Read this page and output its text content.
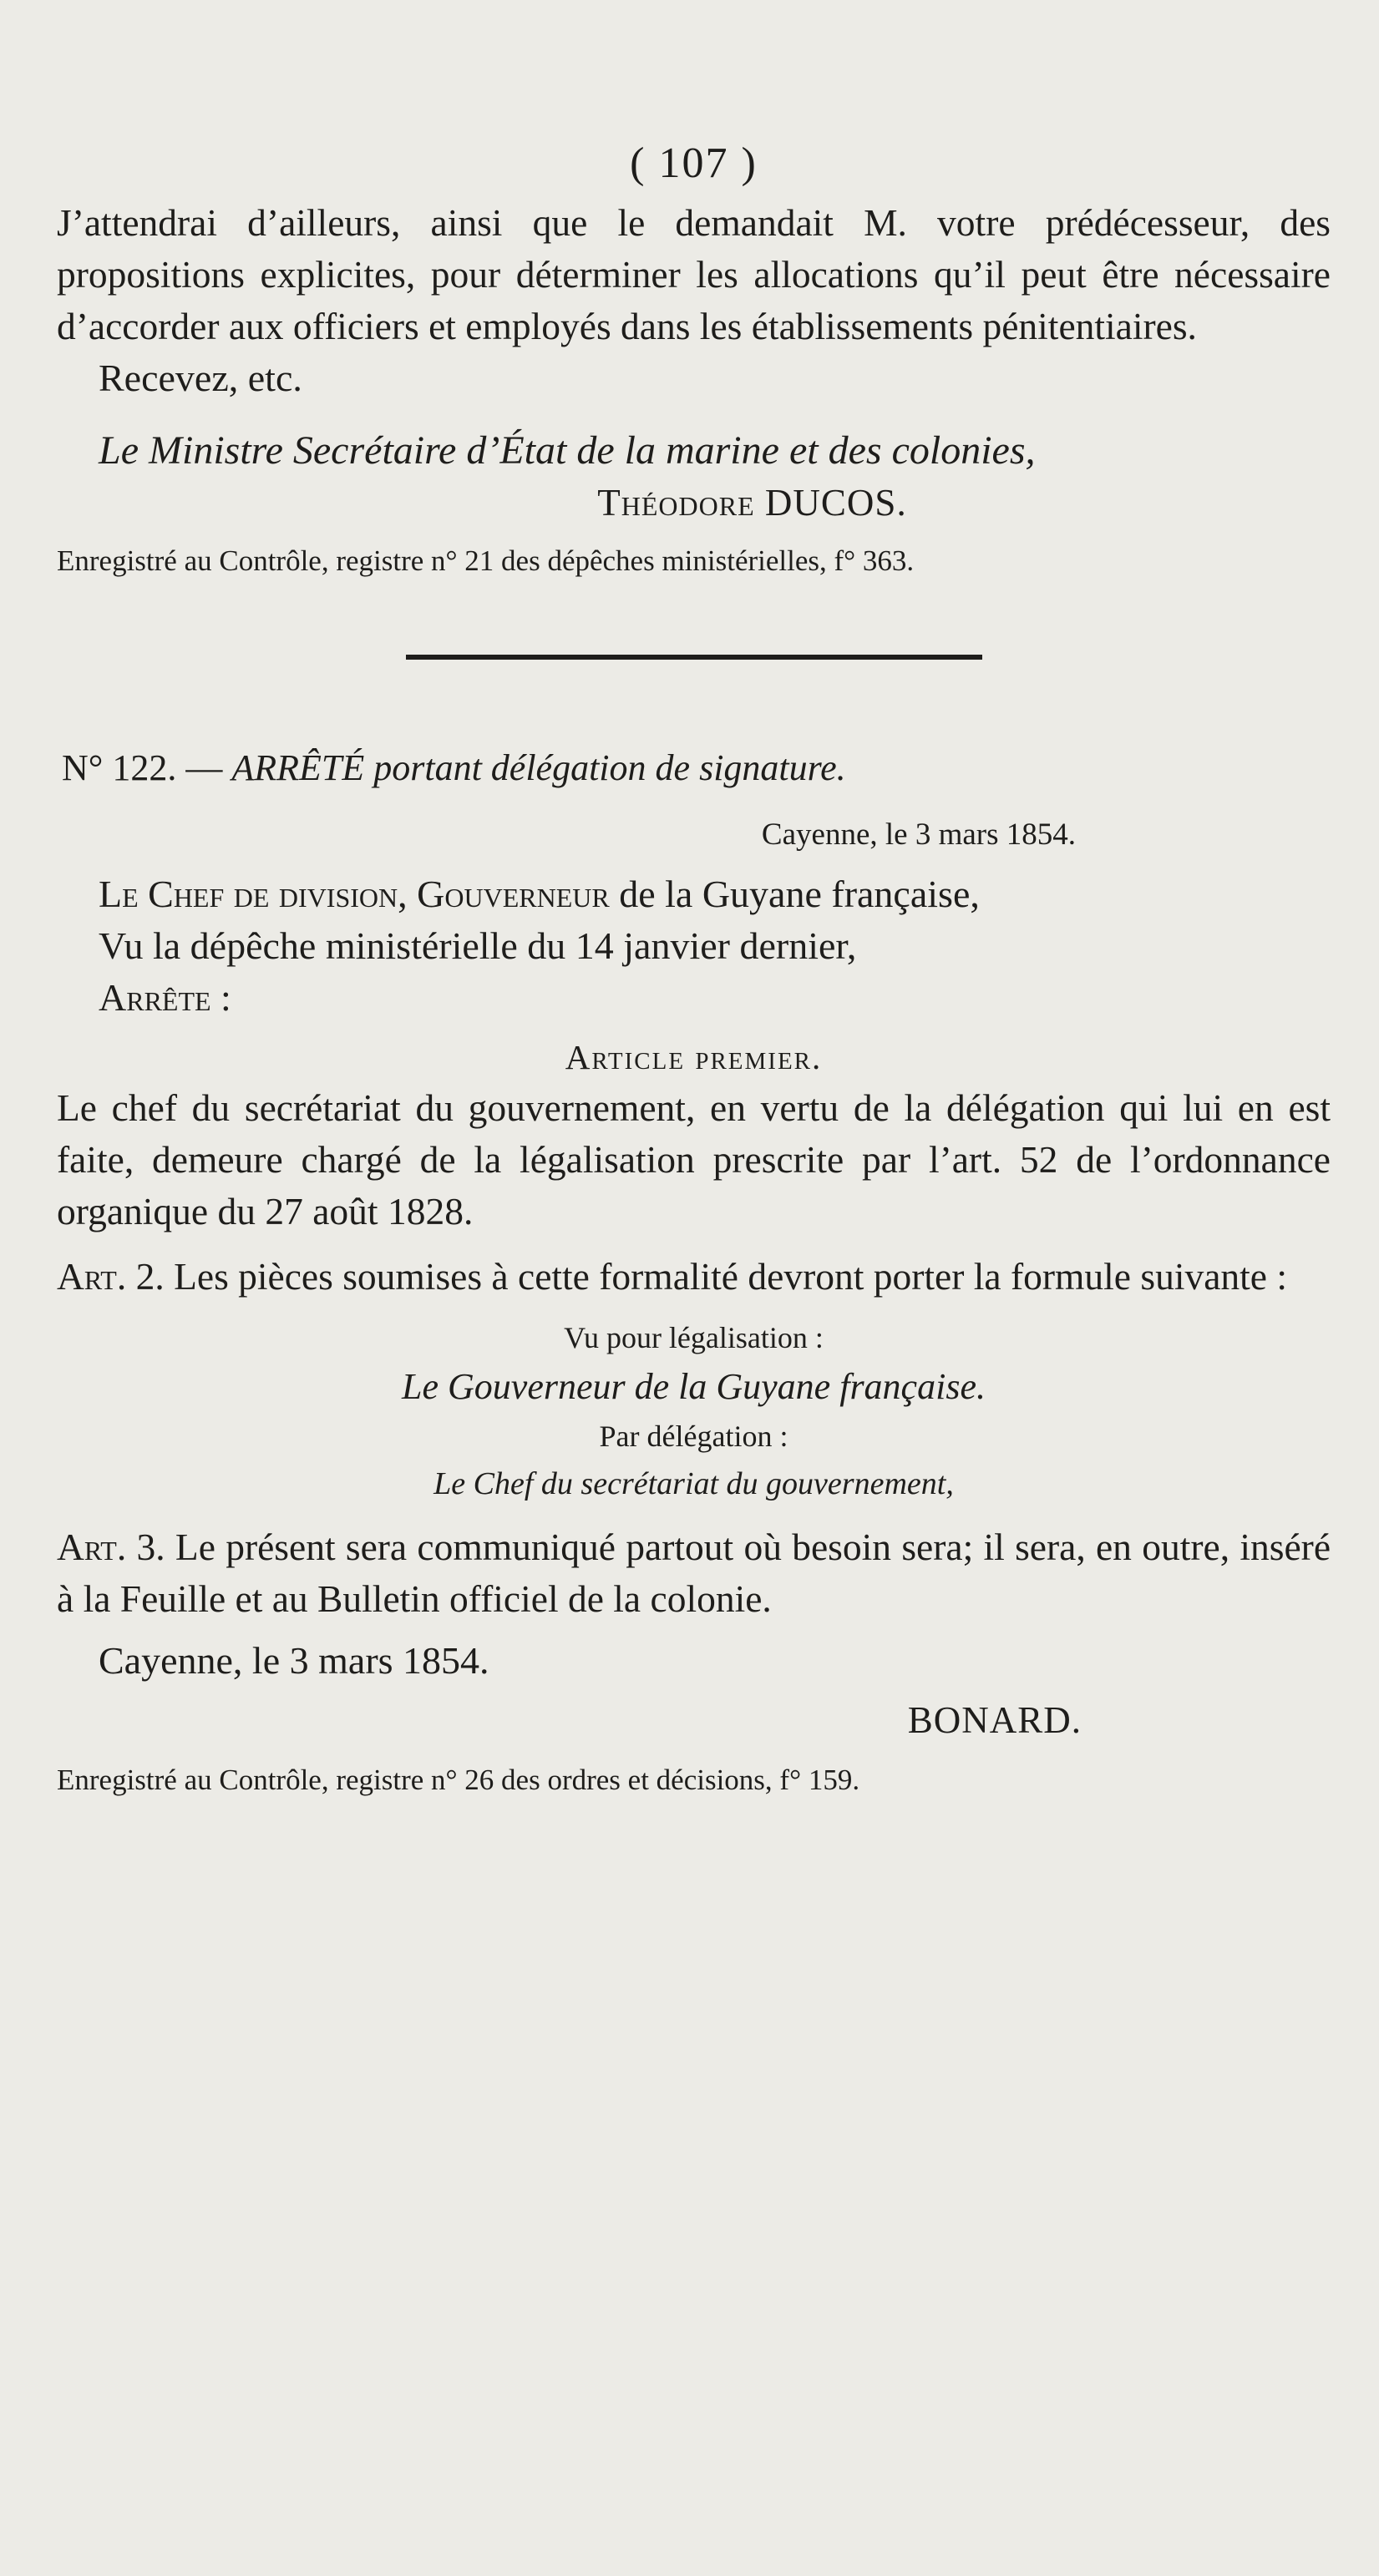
( 107 )

J’attendrai d’ailleurs, ainsi que le demandait M. votre prédécesseur, des propositions explicites, pour déterminer les allocations qu’il peut être nécessaire d’accorder aux officiers et employés dans les établissements pénitentiaires.

Recevez, etc.
Le Ministre Secrétaire d’État de la marine et des colonies,
Théodore DUCOS.
Enregistré au Contrôle, registre n° 21 des dépêches ministérielles, f° 363.
N° 122. — ARRÊTÉ portant délégation de signature.
Cayenne, le 3 mars 1854.
Le Chef de division, Gouverneur de la Guyane française,
Vu la dépêche ministérielle du 14 janvier dernier,
Arrête :
Article premier.

Le chef du secrétariat du gouvernement, en vertu de la délégation qui lui en est faite, demeure chargé de la légalisation prescrite par l’art. 52 de l’ordonnance organique du 27 août 1828.

Art. 2. Les pièces soumises à cette formalité devront porter la formule suivante :

Vu pour légalisation :
Le Gouverneur de la Guyane française.
Par délégation :
Le Chef du secrétariat du gouvernement,

Art. 3. Le présent sera communiqué partout où besoin sera; il sera, en outre, inséré à la Feuille et au Bulletin officiel de la colonie.

Cayenne, le 3 mars 1854.
BONARD.
Enregistré au Contrôle, registre n° 26 des ordres et décisions, f° 159.
